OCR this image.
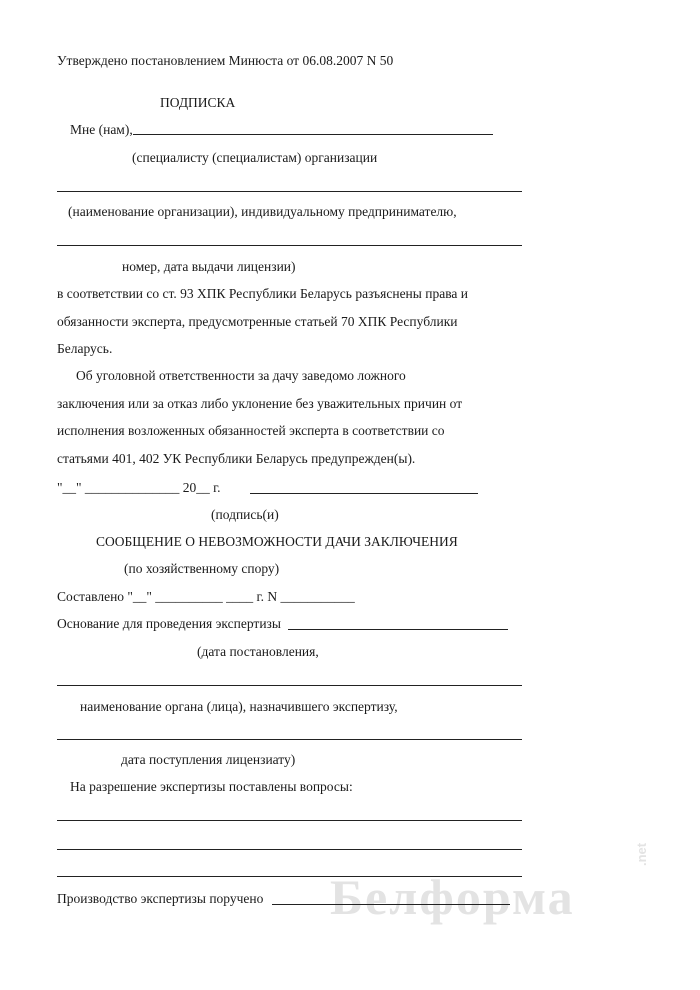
Утверждено постановлением Минюста от 06.08.2007 N 50
ПОДПИСКА
Мне (нам),
(специалисту (специалистам) организации
(наименование организации), индивидуальному предпринимателю,
номер, дата выдачи лицензии)
в соответствии со ст. 93 ХПК Республики Беларусь разъяснены права и
обязанности эксперта, предусмотренные статьей 70 ХПК Республики
Беларусь.
Об уголовной ответственности за дачу заведомо ложного
заключения или за отказ либо уклонение без уважительных причин от
исполнения возложенных обязанностей эксперта в соответствии со
статьями 401, 402 УК Республики Беларусь предупрежден(ы).
"__" ______________ 20__ г.
(подпись(и)
СООБЩЕНИЕ О НЕВОЗМОЖНОСТИ ДАЧИ ЗАКЛЮЧЕНИЯ
(по хозяйственному спору)
Составлено "__" __________ ____ г. N ___________
Основание для проведения экспертизы
(дата постановления,
наименование органа (лица), назначившего экспертизу,
дата поступления лицензиату)
На разрешение экспертизы поставлены вопросы:
Белформа
.net
Производство экспертизы поручено
